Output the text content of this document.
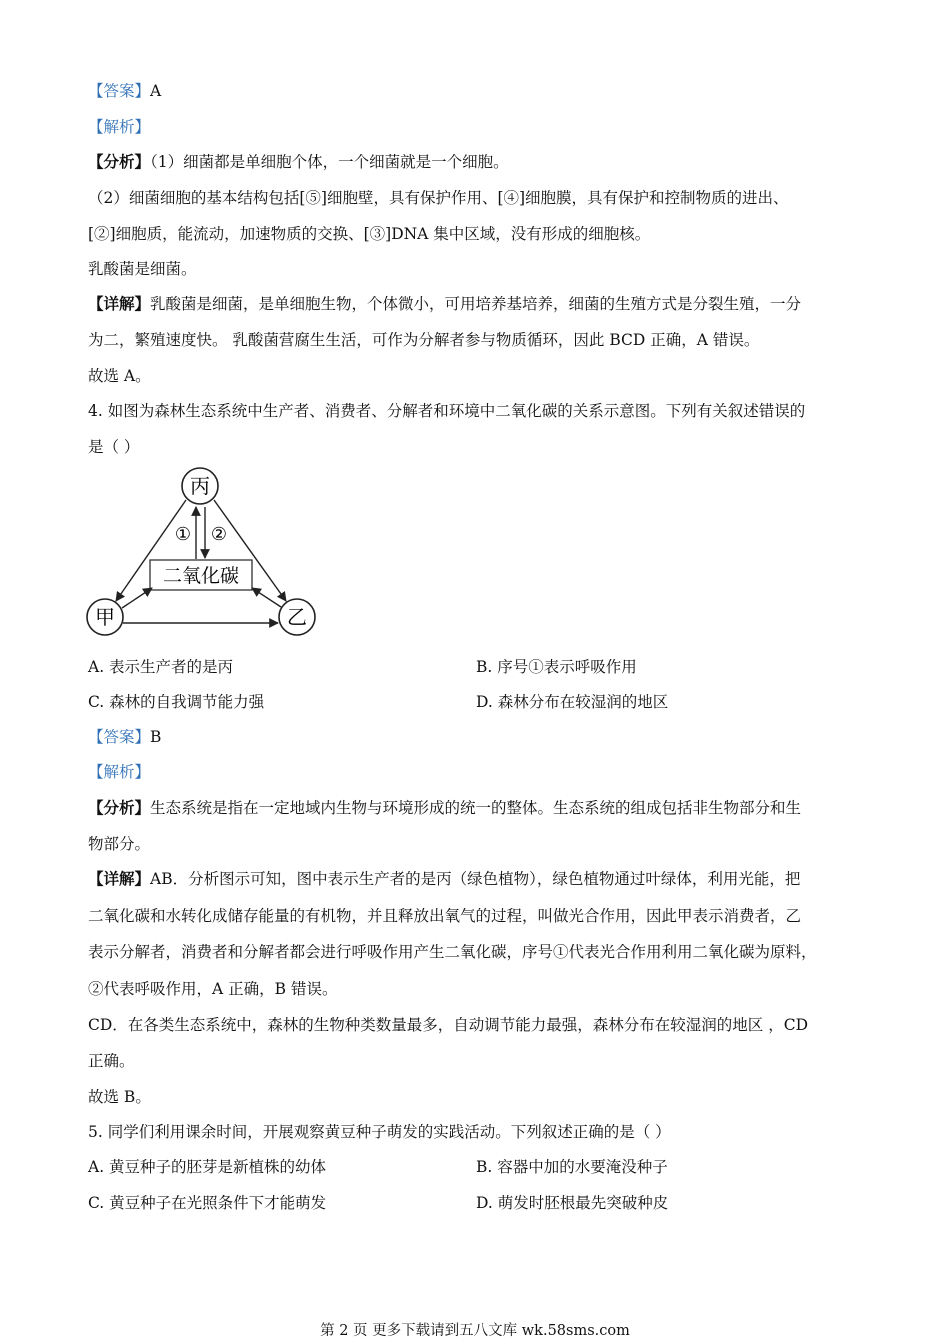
【答案】A
【解析】
【分析】（1）细菌都是单细胞个体，一个细菌就是一个细胞。
（2）细菌细胞的基本结构包括[⑤]细胞壁，具有保护作用、[④]细胞膜，具有保护和控制物质的进出、
[②]细胞质，能流动，加速物质的交换、[③]DNA 集中区域，没有形成的细胞核。
乳酸菌是细菌。
【详解】乳酸菌是细菌，是单细胞生物，个体微小，可用培养基培养，细菌的生殖方式是分裂生殖，一分
为二，繁殖速度快。 乳酸菌营腐生生活，可作为分解者参与物质循环，因此 BCD 正确，A 错误。
故选 A。
4. 如图为森林生态系统中生产者、消费者、分解者和环境中二氧化碳的关系示意图。下列有关叙述错误的
是（ ）
丙
甲	乙
二氧化碳
① ②
A. 表示生产者的是丙	B. 序号①表示呼吸作用
C. 森林的自我调节能力强	D. 森林分布在较湿润的地区
【答案】B
【解析】
【分析】生态系统是指在一定地域内生物与环境形成的统一的整体。生态系统的组成包括非生物部分和生
物部分。
【详解】AB．分析图示可知，图中表示生产者的是丙（绿色植物），绿色植物通过叶绿体，利用光能，把
二氧化碳和水转化成储存能量的有机物，并且释放出氧气的过程，叫做光合作用，因此甲表示消费者，乙
表示分解者，消费者和分解者都会进行呼吸作用产生二氧化碳，序号①代表光合作用利用二氧化碳为原料，
②代表呼吸作用，A 正确，B 错误。
CD．在各类生态系统中，森林的生物种类数量最多，自动调节能力最强，森林分布在较湿润的地区 ，CD
正确。
故选 B。
5. 同学们利用课余时间，开展观察黄豆种子萌发的实践活动。下列叙述正确的是（ ）
A. 黄豆种子的胚芽是新植株的幼体	B. 容器中加的水要淹没种子
C. 黄豆种子在光照条件下才能萌发	D. 萌发时胚根最先突破种皮
第 2 页 更多下载请到五八文库 wk.58sms.com
